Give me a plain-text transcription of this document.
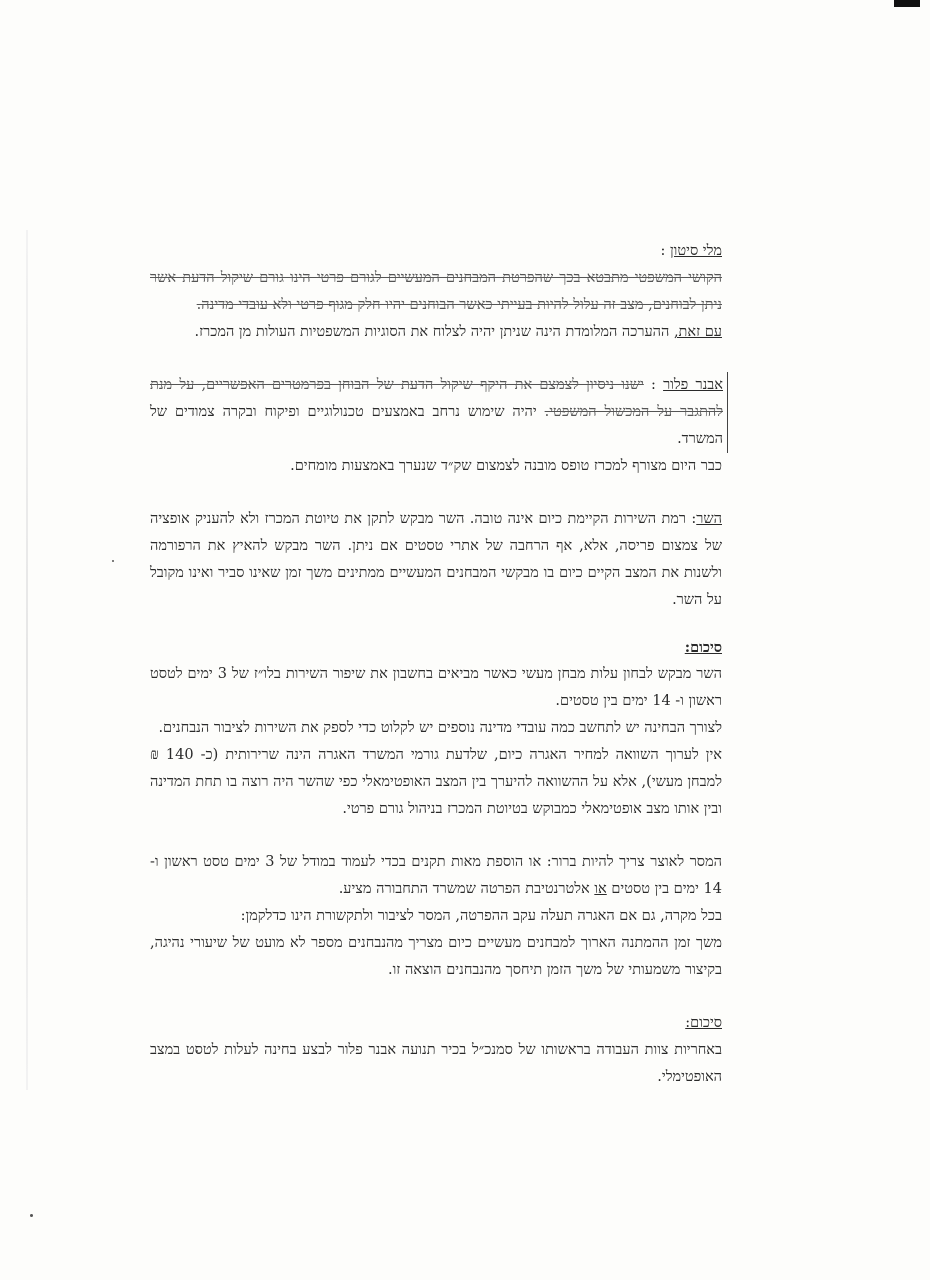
מלי סיטון :

הקושי המשפטי מתבטא בכך שהפרטת המבחנים המעשיים לגורם פרטי הינו גורם שיקול הדעת אשר ניתן לבוחנים, מצב זה עלול להיות בעייתי כאשר הבוחנים יהיו חלק מגוף פרטי ולא עובדי מדינה.

עם זאת, ההערכה המלומדת הינה שניתן יהיה לצלוח את הסוגיות המשפטיות העולות מן המכרז.

אבנר פלור : ישנו ניסיון לצמצם את היקף שיקול הדעת של הבוחן בפרמטרים האפשריים, על מנת להתגבר על המכשול המשפטי. יהיה שימוש נרחב באמצעים טכנולוגיים ופיקוח ובקרה צמודים של המשרד.

כבר היום מצורף למכרז טופס מובנה לצמצום שק״ד שנערך באמצעות מומחים.

השר: רמת השירות הקיימת כיום אינה טובה. השר מבקש לתקן את טיוטת המכרז ולא להעניק אופציה של צמצום פריסה, אלא, אף הרחבה של אתרי טסטים אם ניתן. השר מבקש להאיץ את הרפורמה ולשנות את המצב הקיים כיום בו מבקשי המבחנים המעשיים ממתינים משך זמן שאינו סביר ואינו מקובל על השר.

סיכום:

השר מבקש לבחון עלות מבחן מעשי כאשר מביאים בחשבון את שיפור השירות בלו״ז של 3 ימים לטסט ראשון ו- 14 ימים בין טסטים.

לצורך הבחינה יש לתחשב כמה עובדי מדינה נוספים יש לקלוט כדי לספק את השירות לציבור הנבחנים.

אין לערוך השוואה למחיר האגרה כיום, שלדעת גורמי המשרד האגרה הינה שרירותית (כ- 140 ₪ למבחן מעשי), אלא על ההשוואה להיערך בין המצב האופטימאלי כפי שהשר היה רוצה בו תחת המדינה ובין אותו מצב אופטימאלי כמבוקש בטיוטת המכרז בניהול גורם פרטי.

המסר לאוצר צריך להיות ברור: או הוספת מאות תקנים בכדי לעמוד במודל של 3 ימים טסט ראשון ו- 14 ימים בין טסטים או אלטרנטיבת הפרטה שמשרד התחבורה מציע.

בכל מקרה, גם אם האגרה תעלה עקב ההפרטה, המסר לציבור ולתקשורת הינו כדלקמן:

משך זמן ההמתנה הארוך למבחנים מעשיים כיום מצריך מהנבחנים מספר לא מועט של שיעורי נהיגה, בקיצור משמעותי של משך הזמן תיחסך מהנבחנים הוצאה זו.

סיכום:

באחריות צוות העבודה בראשותו של סמנכ״ל בכיר תנועה אבנר פלור לבצע בחינה לעלות לטסט במצב האופטימלי.
